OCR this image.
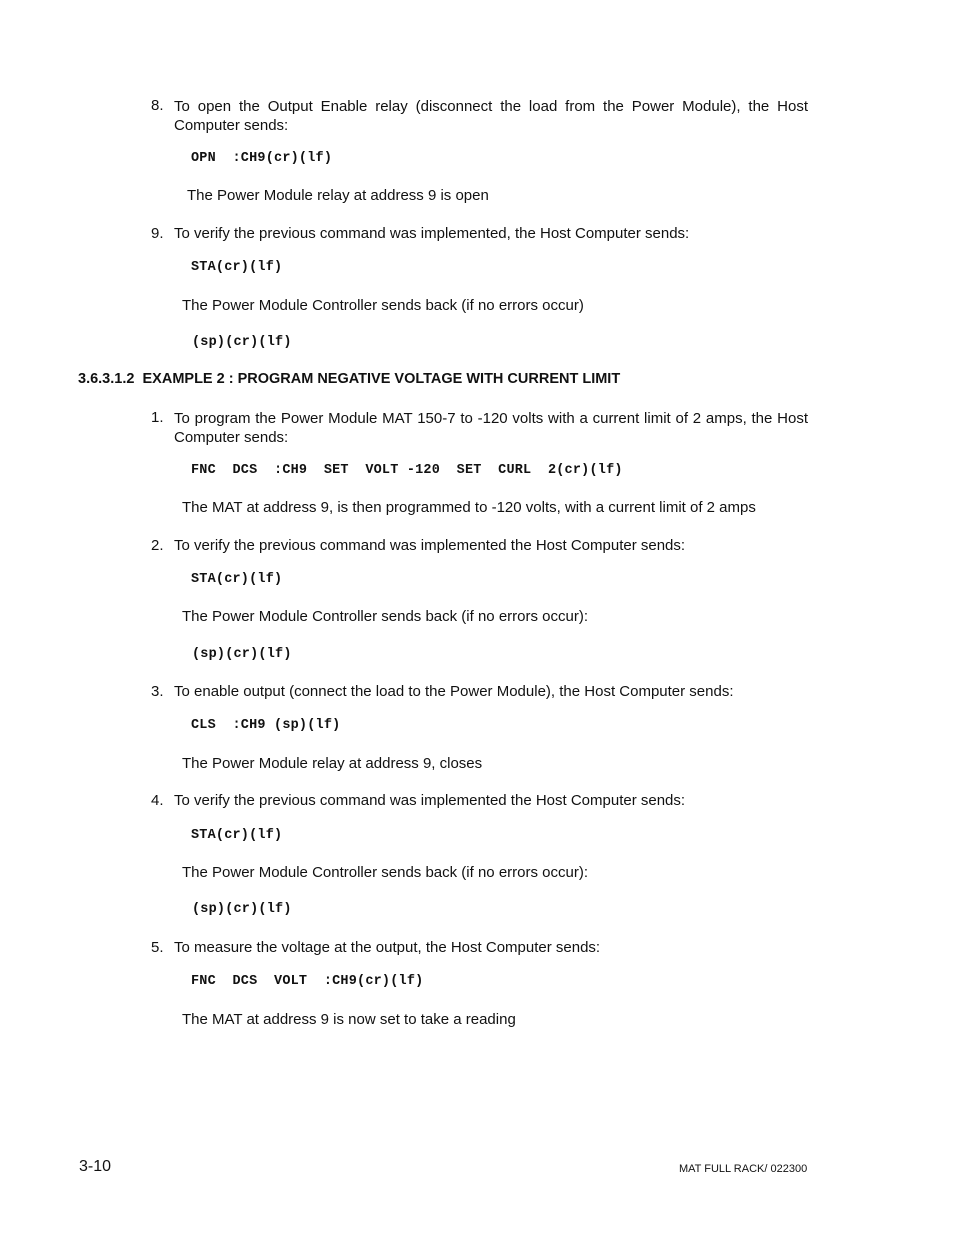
8. To open the Output Enable relay (disconnect the load from the Power Module), the Host Computer sends:
OPN  :CH9(cr)(lf)
The Power Module relay at address 9 is open
9. To verify the previous command was implemented, the Host Computer sends:
STA(cr)(lf)
The Power Module Controller sends back (if no errors occur)
(sp)(cr)(lf)
3.6.3.1.2 EXAMPLE 2 : PROGRAM NEGATIVE VOLTAGE WITH CURRENT LIMIT
1. To program the Power Module MAT 150-7 to -120 volts with a current limit of 2 amps, the Host Computer sends:
FNC  DCS  :CH9  SET  VOLT -120  SET  CURL  2(cr)(lf)
The MAT at address 9, is then programmed to -120 volts, with a current limit of 2 amps
2. To verify the previous command was implemented the Host Computer sends:
STA(cr)(lf)
The Power Module Controller sends back (if no errors occur):
(sp)(cr)(lf)
3. To enable output (connect the load to the Power Module), the Host Computer sends:
CLS  :CH9 (sp)(lf)
The Power Module relay at address 9, closes
4. To verify the previous command was implemented the Host Computer sends:
STA(cr)(lf)
The Power Module Controller sends back (if no errors occur):
(sp)(cr)(lf)
5. To measure the voltage at the output, the Host Computer sends:
FNC  DCS  VOLT  :CH9(cr)(lf)
The MAT at address 9 is now set to take a reading
3-10	MAT FULL RACK/ 022300
